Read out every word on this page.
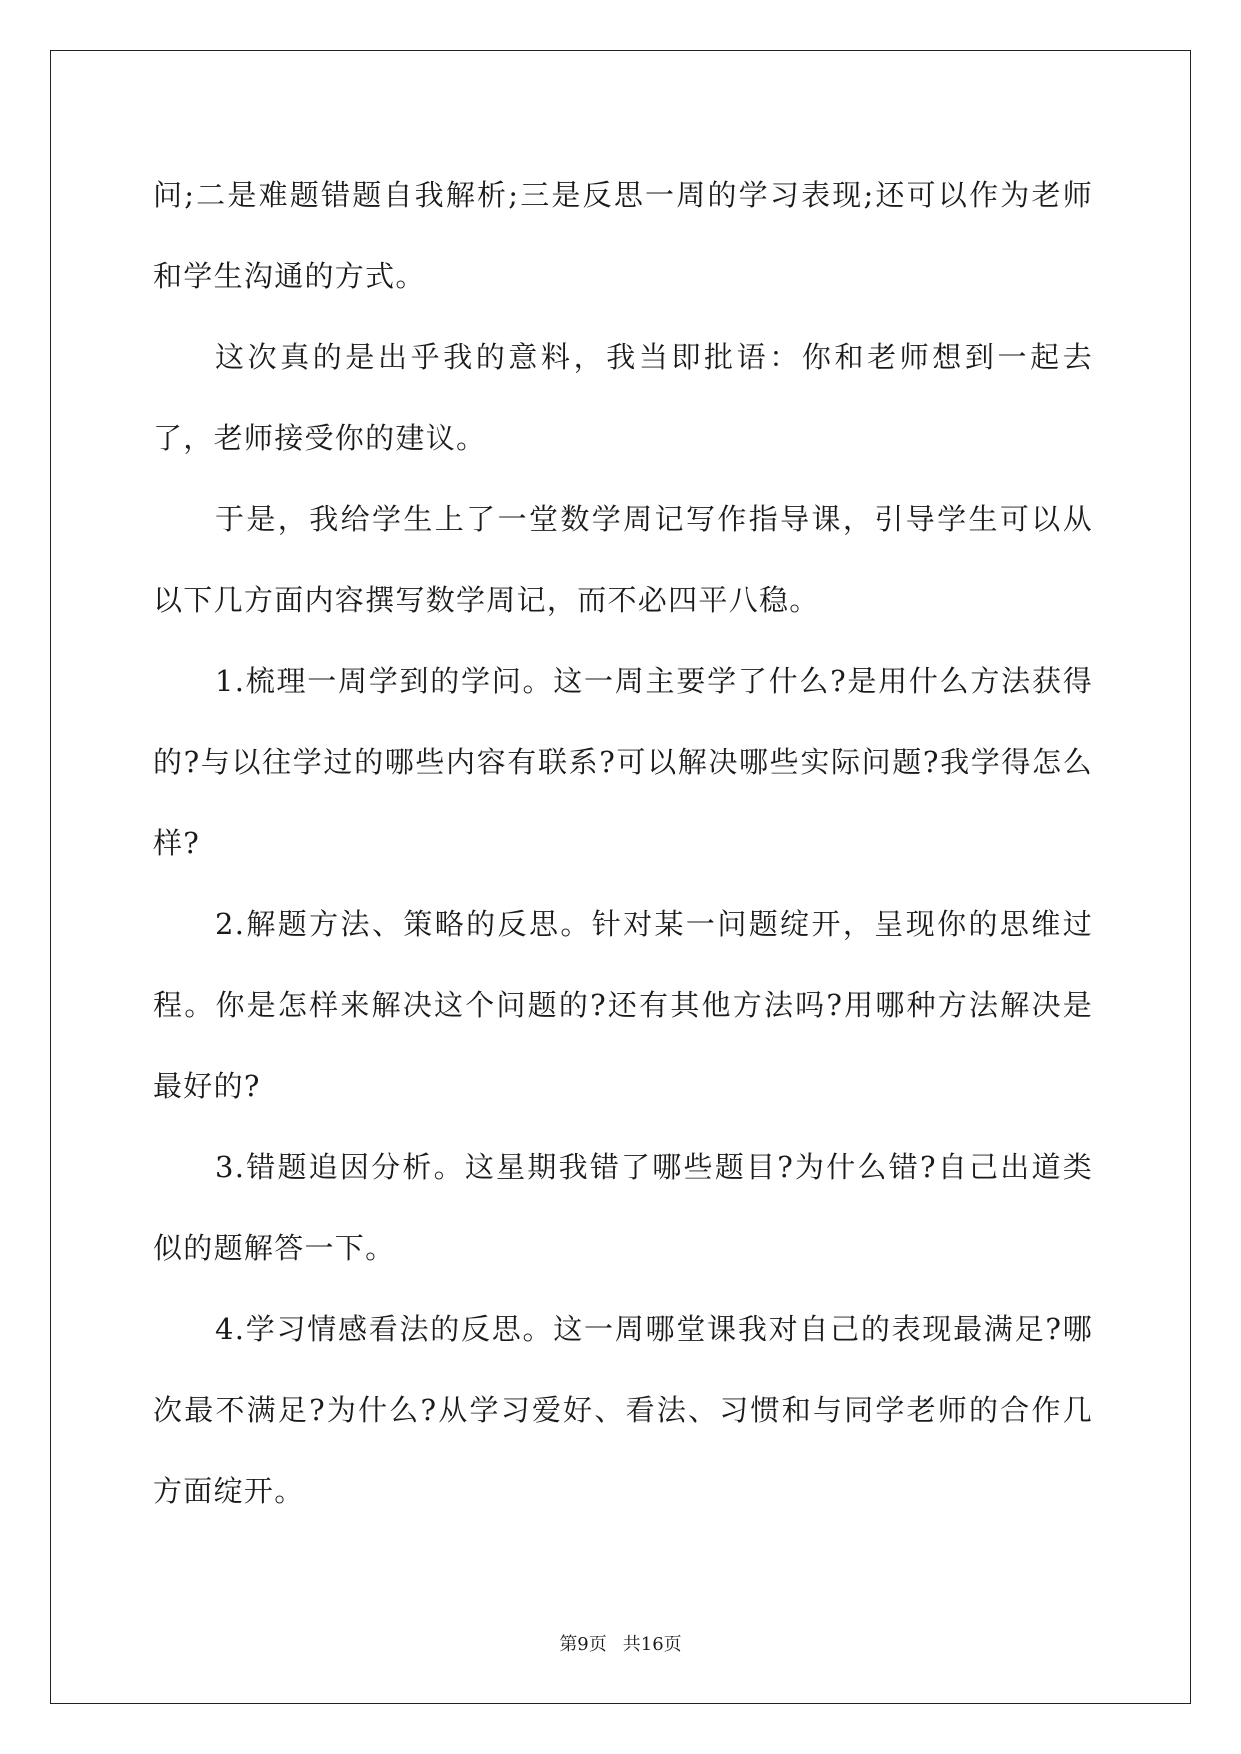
问;二是难题错题自我解析;三是反思一周的学习表现;还可以作为老师和学生沟通的方式。

这次真的是出乎我的意料，我当即批语：你和老师想到一起去了，老师接受你的建议。

于是，我给学生上了一堂数学周记写作指导课，引导学生可以从以下几方面内容撰写数学周记，而不必四平八稳。

1.梳理一周学到的学问。这一周主要学了什么?是用什么方法获得的?与以往学过的哪些内容有联系?可以解决哪些实际问题?我学得怎么样?

2.解题方法、策略的反思。针对某一问题绽开，呈现你的思维过程。你是怎样来解决这个问题的?还有其他方法吗?用哪种方法解决是最好的?

3.错题追因分析。这星期我错了哪些题目?为什么错?自己出道类似的题解答一下。

4.学习情感看法的反思。这一周哪堂课我对自己的表现最满足?哪次最不满足?为什么?从学习爱好、看法、习惯和与同学老师的合作几方面绽开。

第9页 共16页
